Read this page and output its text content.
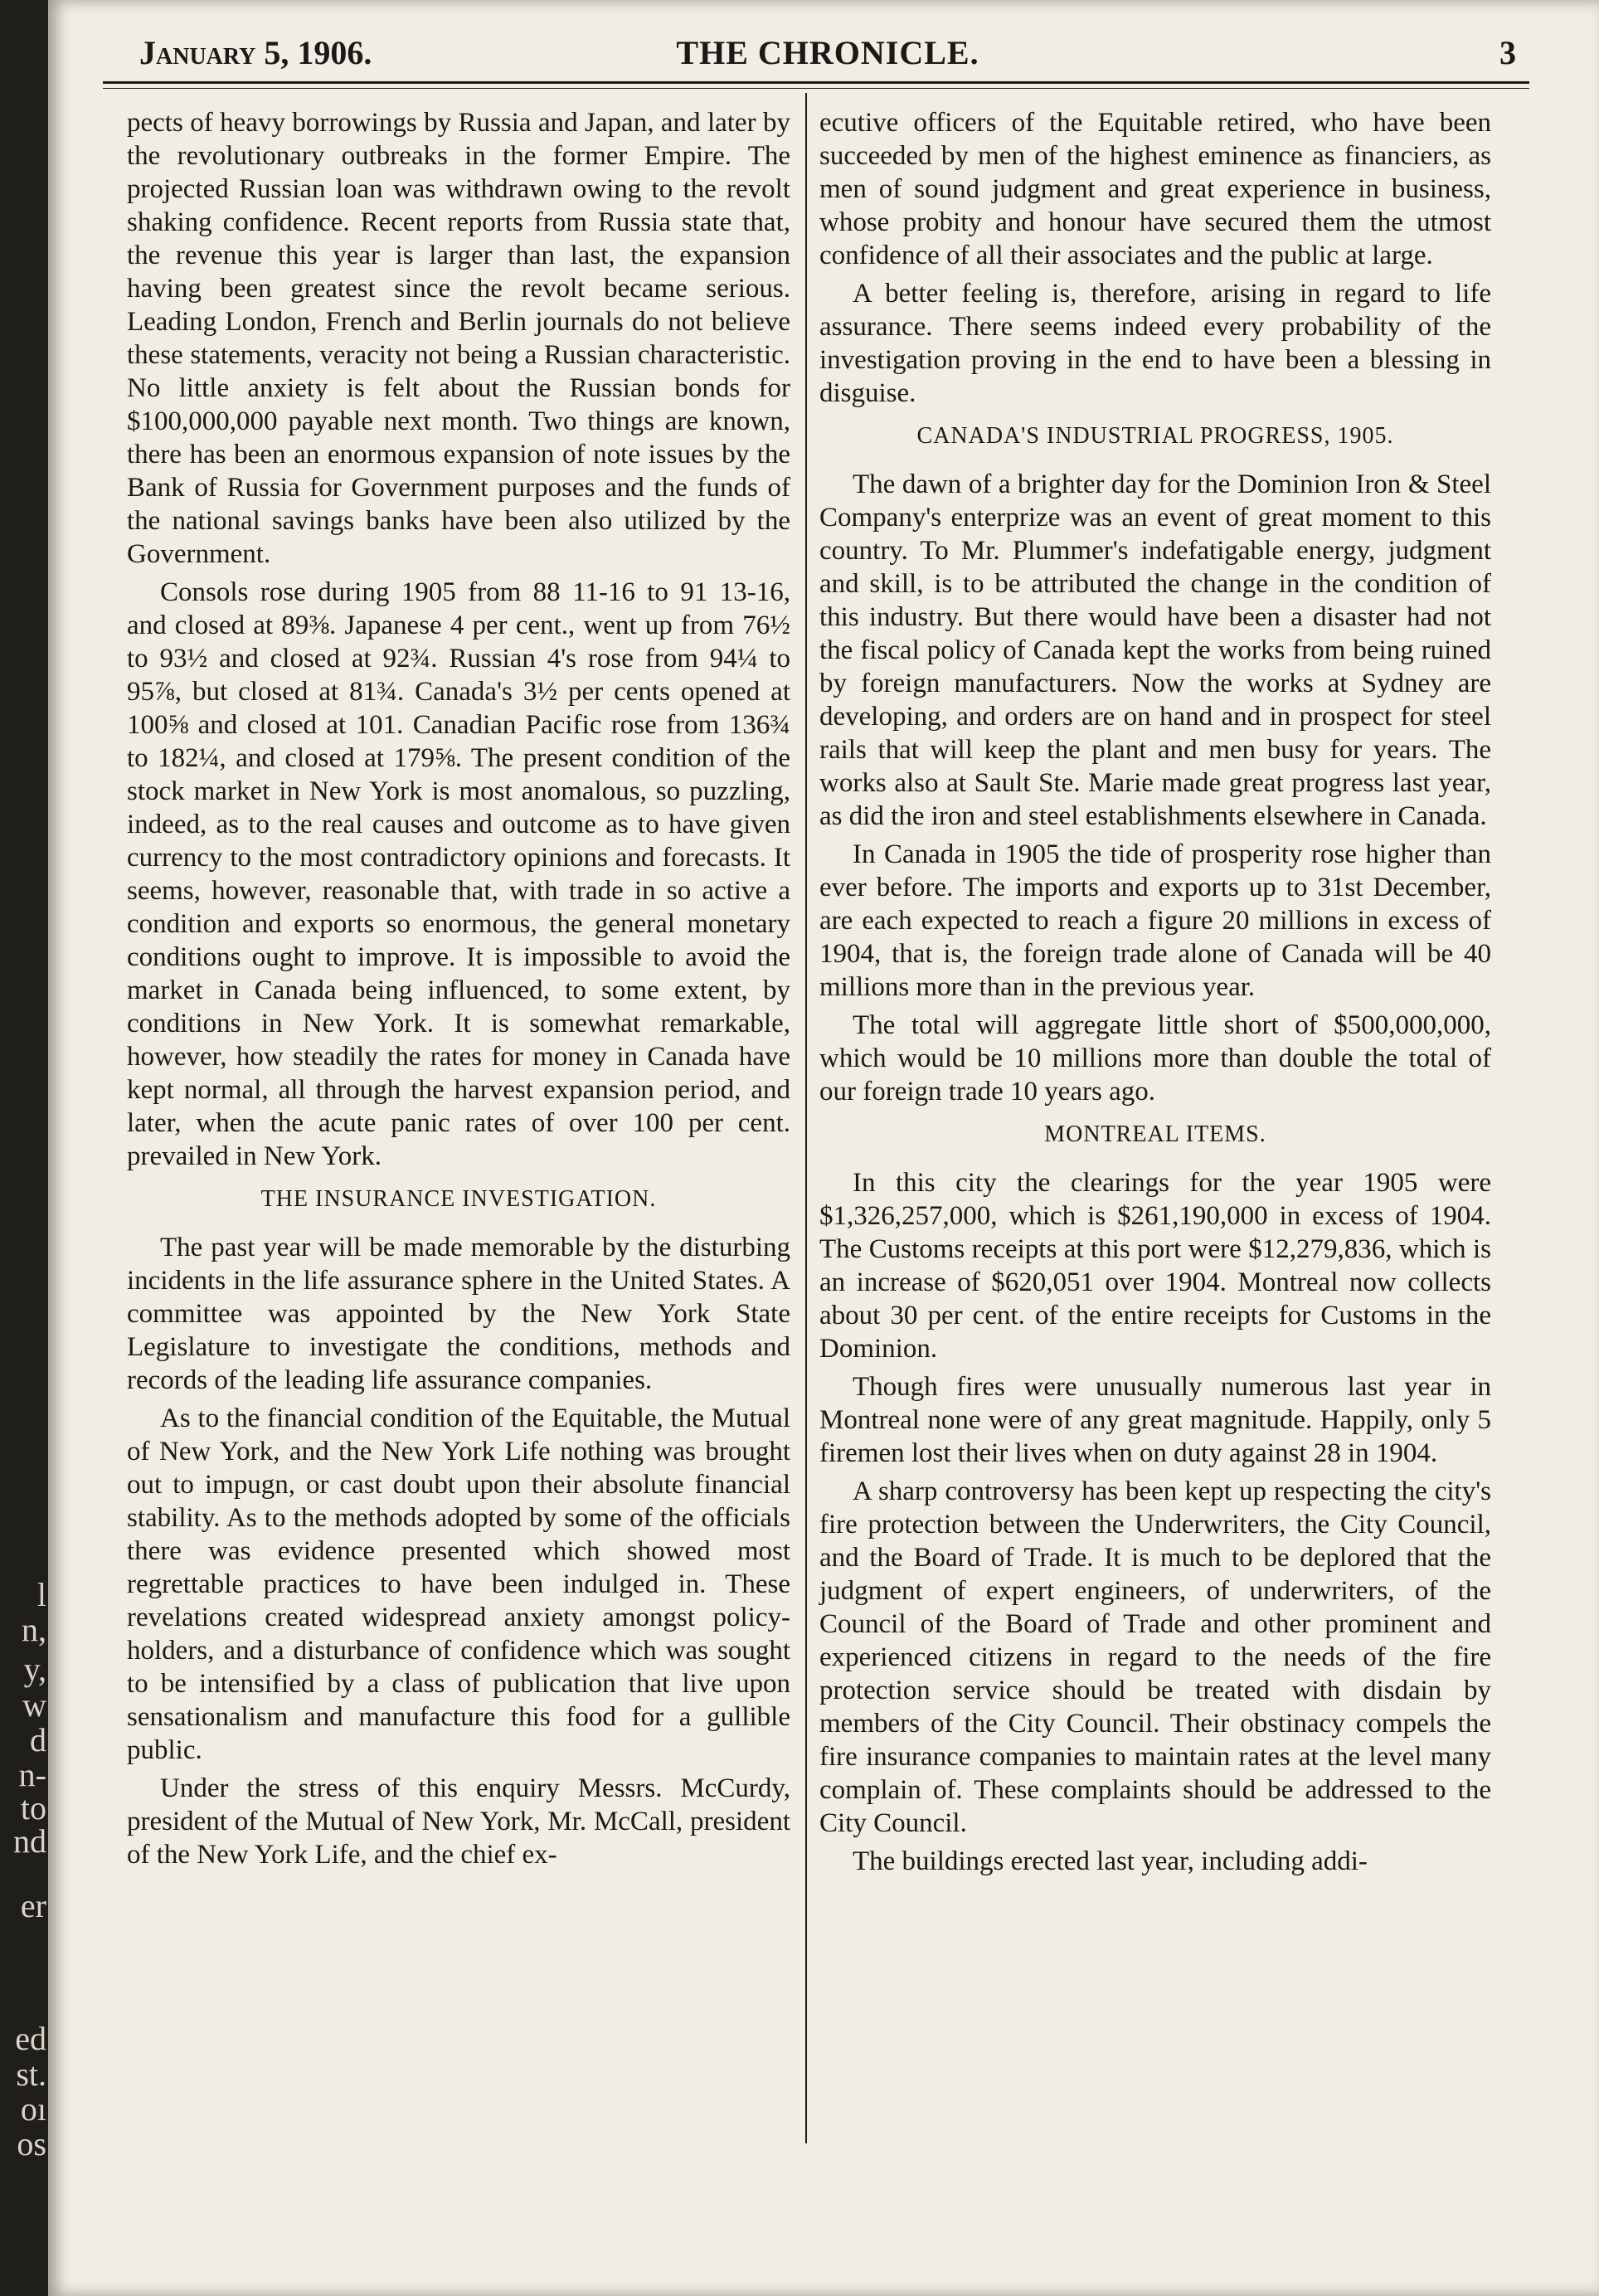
l
n,
y,
w
d
n-
to
nd
er
ed
st.
oı
os
January 5, 1906.	THE CHRONICLE.	3

pects of heavy borrowings by Russia and Japan, and later by the revolutionary outbreaks in the former Empire. The projected Russian loan was withdrawn owing to the revolt shaking confidence. Recent reports from Russia state that, the revenue this year is larger than last, the expansion having been greatest since the revolt became serious. Leading London, French and Berlin journals do not believe these statements, veracity not being a Russian characteristic. No little anxiety is felt about the Russian bonds for $100,000,000 payable next month. Two things are known, there has been an enormous expansion of note issues by the Bank of Russia for Government purposes and the funds of the national savings banks have been also utilized by the Government.

Consols rose during 1905 from 88 11-16 to 91 13-16, and closed at 89⅜. Japanese 4 per cent., went up from 76½ to 93½ and closed at 92¾. Russian 4's rose from 94¼ to 95⅞, but closed at 81¾. Canada's 3½ per cents opened at 100⅝ and closed at 101. Canadian Pacific rose from 136¾ to 182¼, and closed at 179⅝. The present condition of the stock market in New York is most anomalous, so puzzling, indeed, as to the real causes and outcome as to have given currency to the most contradictory opinions and forecasts. It seems, however, reasonable that, with trade in so active a condition and exports so enormous, the general monetary conditions ought to improve. It is impossible to avoid the market in Canada being influenced, to some extent, by conditions in New York. It is somewhat remarkable, however, how steadily the rates for money in Canada have kept normal, all through the harvest expansion period, and later, when the acute panic rates of over 100 per cent. prevailed in New York.

THE INSURANCE INVESTIGATION.

The past year will be made memorable by the disturbing incidents in the life assurance sphere in the United States. A committee was appointed by the New York State Legislature to investigate the conditions, methods and records of the leading life assurance companies.

As to the financial condition of the Equitable, the Mutual of New York, and the New York Life nothing was brought out to impugn, or cast doubt upon their absolute financial stability. As to the methods adopted by some of the officials there was evidence presented which showed most regrettable practices to have been indulged in. These revelations created widespread anxiety amongst policy-holders, and a disturbance of confidence which was sought to be intensified by a class of publication that live upon sensationalism and manufacture this food for a gullible public.

Under the stress of this enquiry Messrs. McCurdy, president of the Mutual of New York, Mr. McCall, president of the New York Life, and the chief ex-

ecutive officers of the Equitable retired, who have been succeeded by men of the highest eminence as financiers, as men of sound judgment and great experience in business, whose probity and honour have secured them the utmost confidence of all their associates and the public at large.

A better feeling is, therefore, arising in regard to life assurance. There seems indeed every probability of the investigation proving in the end to have been a blessing in disguise.

CANADA'S INDUSTRIAL PROGRESS, 1905.

The dawn of a brighter day for the Dominion Iron & Steel Company's enterprize was an event of great moment to this country. To Mr. Plummer's indefatigable energy, judgment and skill, is to be attributed the change in the condition of this industry. But there would have been a disaster had not the fiscal policy of Canada kept the works from being ruined by foreign manufacturers. Now the works at Sydney are developing, and orders are on hand and in prospect for steel rails that will keep the plant and men busy for years. The works also at Sault Ste. Marie made great progress last year, as did the iron and steel establishments elsewhere in Canada.

In Canada in 1905 the tide of prosperity rose higher than ever before. The imports and exports up to 31st December, are each expected to reach a figure 20 millions in excess of 1904, that is, the foreign trade alone of Canada will be 40 millions more than in the previous year.

The total will aggregate little short of $500,000,000, which would be 10 millions more than double the total of our foreign trade 10 years ago.

MONTREAL ITEMS.

In this city the clearings for the year 1905 were $1,326,257,000, which is $261,190,000 in excess of 1904. The Customs receipts at this port were $12,279,836, which is an increase of $620,051 over 1904. Montreal now collects about 30 per cent. of the entire receipts for Customs in the Dominion.

Though fires were unusually numerous last year in Montreal none were of any great magnitude. Happily, only 5 firemen lost their lives when on duty against 28 in 1904.

A sharp controversy has been kept up respecting the city's fire protection between the Underwriters, the City Council, and the Board of Trade. It is much to be deplored that the judgment of expert engineers, of underwriters, of the Council of the Board of Trade and other prominent and experienced citizens in regard to the needs of the fire protection service should be treated with disdain by members of the City Council. Their obstinacy compels the fire insurance companies to maintain rates at the level many complain of. These complaints should be addressed to the City Council.

The buildings erected last year, including addi-
